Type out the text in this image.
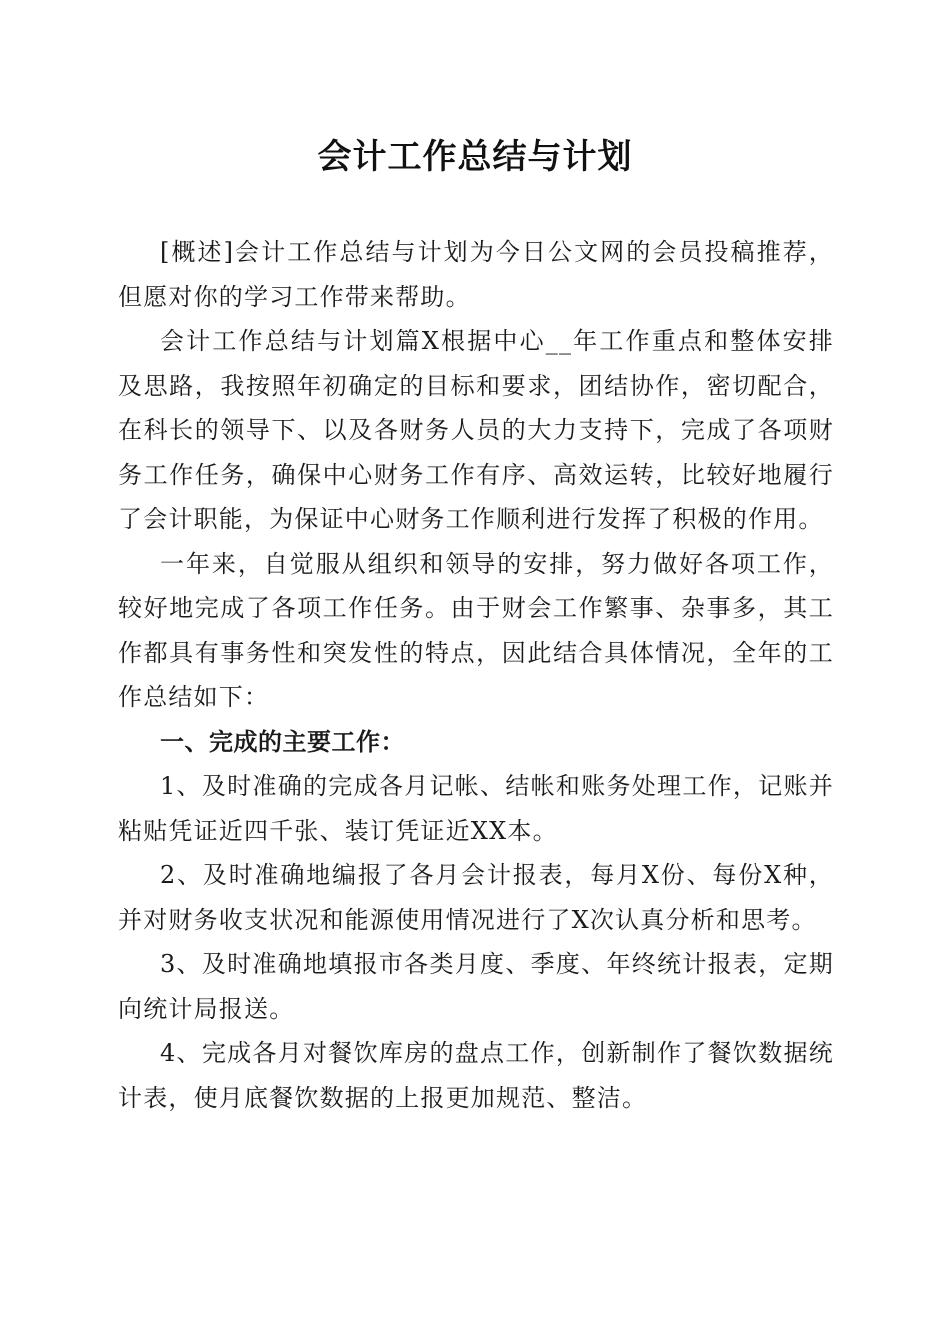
会计工作总结与计划

[概述]会计工作总结与计划为今日公文网的会员投稿推荐，但愿对你的学习工作带来帮助。

会计工作总结与计划篇X根据中心__年工作重点和整体安排及思路，我按照年初确定的目标和要求，团结协作，密切配合，在科长的领导下、以及各财务人员的大力支持下，完成了各项财务工作任务，确保中心财务工作有序、高效运转，比较好地履行了会计职能，为保证中心财务工作顺利进行发挥了积极的作用。

一年来，自觉服从组织和领导的安排，努力做好各项工作，较好地完成了各项工作任务。由于财会工作繁事、杂事多，其工作都具有事务性和突发性的特点，因此结合具体情况，全年的工作总结如下：

一、完成的主要工作：

1、及时准确的完成各月记帐、结帐和账务处理工作，记账并粘贴凭证近四千张、装订凭证近XX本。

2、及时准确地编报了各月会计报表，每月X份、每份X种，并对财务收支状况和能源使用情况进行了X次认真分析和思考。

3、及时准确地填报市各类月度、季度、年终统计报表，定期向统计局报送。

4、完成各月对餐饮库房的盘点工作，创新制作了餐饮数据统计表，使月底餐饮数据的上报更加规范、整洁。
